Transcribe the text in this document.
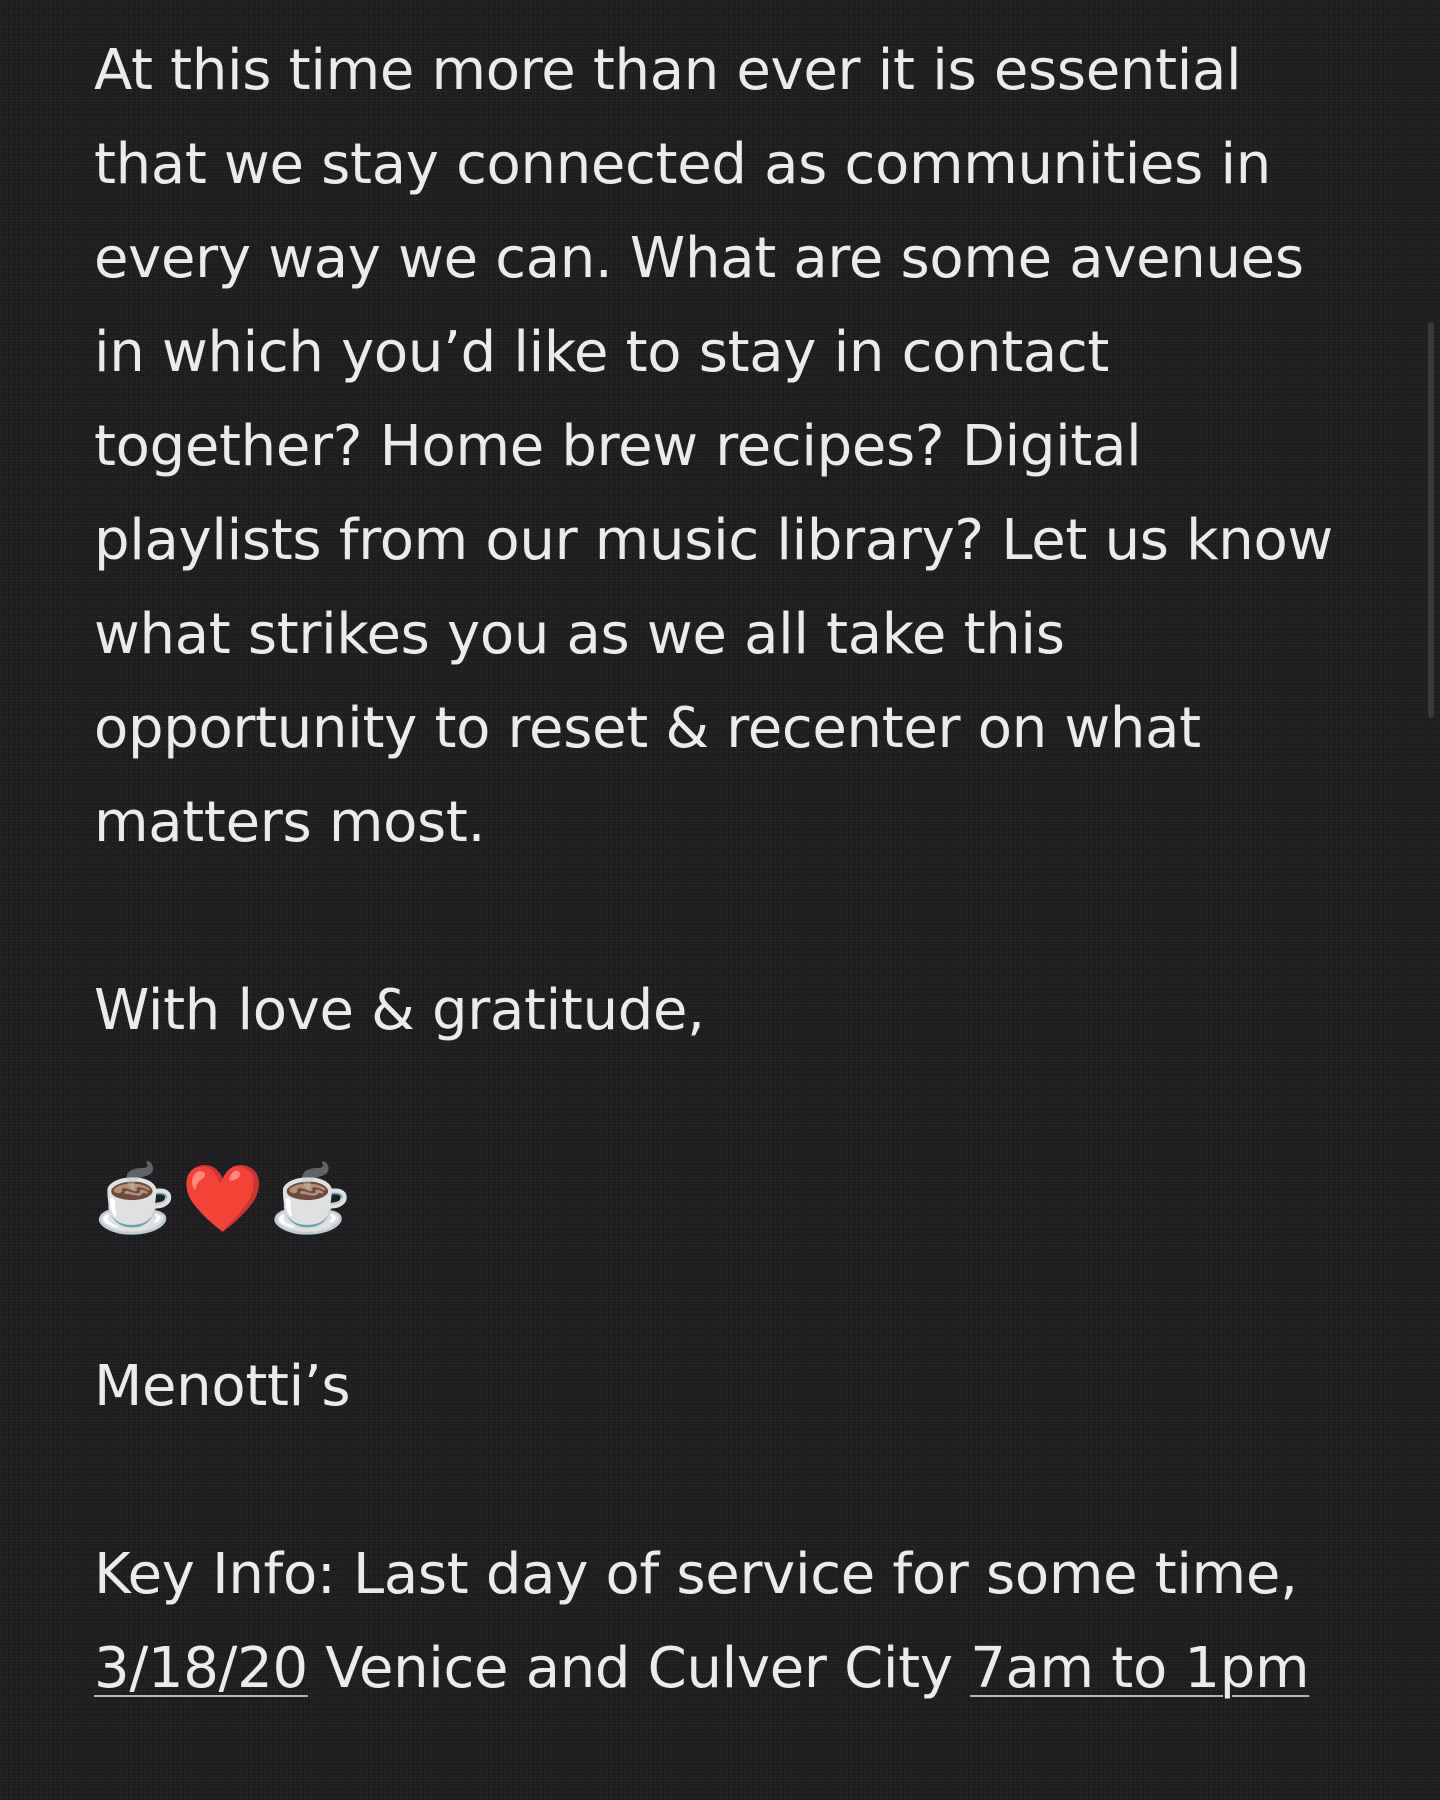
At this time more than ever it is essential that we stay connected as communities in every way we can. What are some avenues in which you’d like to stay in contact together? Home brew recipes? Digital playlists from our music library? Let us know what strikes you as we all take this opportunity to reset & recenter on what matters most.

With love & gratitude,

☕️ ❤️ ☕️

Menotti’s

Key Info: Last day of service for some time, 3/18/20 Venice and Culver City 7am to 1pm
